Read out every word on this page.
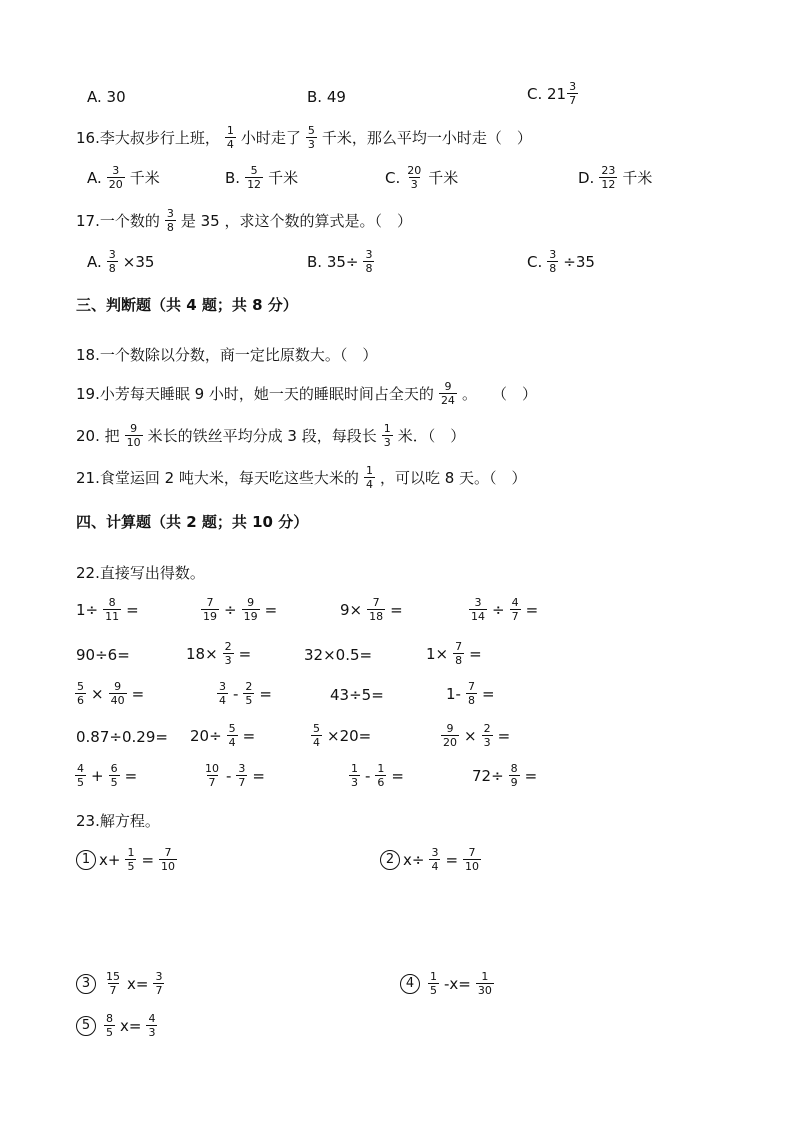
A. 30	B. 49	C. $21 \frac{3}{7}$
16.李大叔步行上班， $\frac{1}{4}$ 小时走了 $\frac{5}{3}$ 千米，那么平均一小时走（　）
A. $\frac{3}{20}$ 千米	B. $\frac{5}{12}$ 千米	C. $\frac{20}{3}$ 千米	D. $\frac{23}{12}$ 千米
17.一个数的 $\frac{3}{8}$ 是 35 ，求这个数的算式是。（　）
A. $\frac{3}{8} \times 35$	B. $35\div \frac{3}{8}$	C. $\frac{3}{8} \div 35$
三、判断题（共 4 题；共 8 分）
18.一个数除以分数，商一定比原数大。（　）
19.小芳每天睡眠 9 小时，她一天的睡眠时间占全天的 $\frac{9}{24}$ 。　　（　）
20. 把 $\frac{9}{10}$ 米长的铁丝平均分成 3 段，每段长 $\frac{1}{3}$ 米．（　）
21.食堂运回 2 吨大米，每天吃这些大米的 $\frac{1}{4}$ ，可以吃 8 天。（　）
四、计算题（共 2 题；共 10 分）
22.直接写出得数。
$1\div \frac{8}{11}$ =	$\frac{7}{19} \div \frac{9}{19}$ =	$9\times \frac{7}{18}$ =	$\frac{3}{14} \div \frac{4}{7}$ =
90÷6=	$18\times \frac{2}{3}$ =	32×0.5=	$1\times \frac{7}{8}$ =
$\frac{5}{6} \times \frac{9}{40}$ =	$\frac{3}{4} - \frac{2}{5}$ =	43÷5=	$1- \frac{7}{8}$ =
$0.87\div 0.29= 20\div \frac{5}{4}$ =	$\frac{5}{4} \times 20=$	$\frac{9}{20} \times \frac{2}{3}$ =
$\frac{4}{5} + \frac{6}{5}$ =	$\frac{10}{7} - \frac{3}{7}$ =	$\frac{1}{3} - \frac{1}{6}$ =	$72\div \frac{8}{9}$ =
23.解方程。
1 $x+ \frac{1}{5} = \frac{7}{10}$	2 $x\div \frac{3}{4} = \frac{7}{10}$
3	$\frac{15}{7} x= \frac{3}{7}$	4	$\frac{1}{5} -x= \frac{1}{30}$
5	$\frac{8}{5} x= \frac{4}{3}$
